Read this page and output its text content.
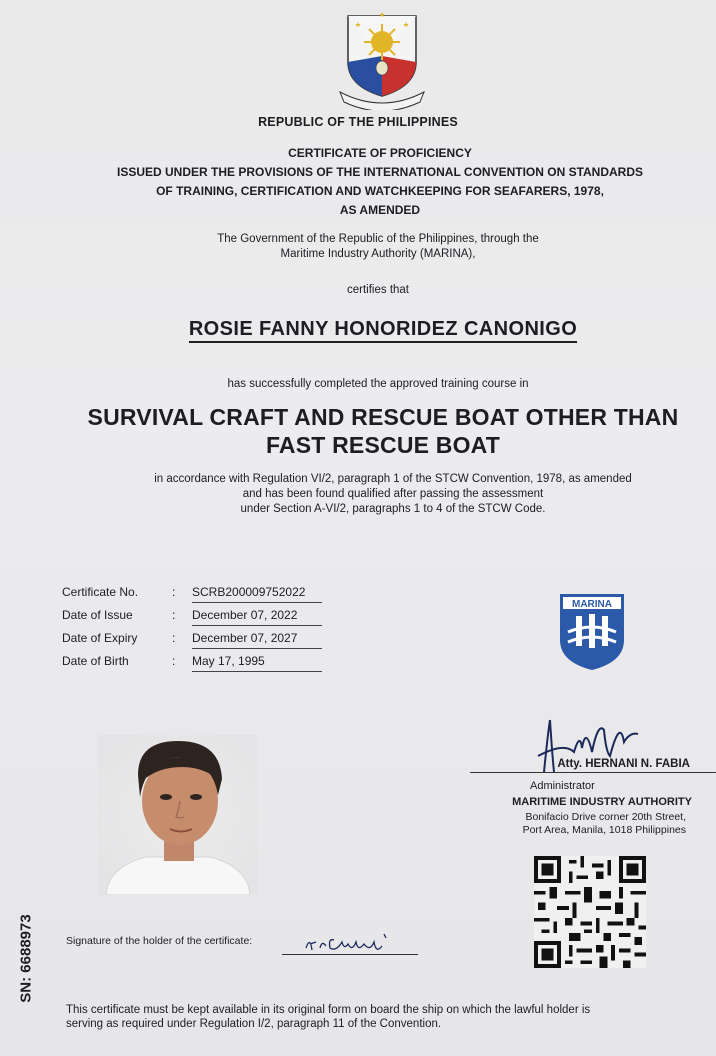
REPUBLIC OF THE PHILIPPINES
CERTIFICATE OF PROFICIENCY
ISSUED UNDER THE PROVISIONS OF THE INTERNATIONAL CONVENTION ON STANDARDS
OF TRAINING, CERTIFICATION AND WATCHKEEPING FOR SEAFARERS, 1978,
AS AMENDED
The Government of the Republic of the Philippines, through the
Maritime Industry Authority (MARINA),
certifies that
ROSIE FANNY HONORIDEZ CANONIGO
has successfully completed the approved training course in
SURVIVAL CRAFT AND RESCUE BOAT OTHER THAN
FAST RESCUE BOAT
in accordance with Regulation VI/2, paragraph 1 of the STCW Convention, 1978, as amended
and has been found qualified after passing the assessment
under Section A-VI/2, paragraphs 1 to 4 of the STCW Code.
Certificate No.	: SCRB200009752022
Date of Issue	: December 07, 2022
Date of Expiry	: December 07, 2027
Date of Birth	: May 17, 1995
MARINA
Atty. HERNANI N. FABIA
Administrator
MARITIME INDUSTRY AUTHORITY
Bonifacio Drive corner 20th Street,
Port Area, Manila, 1018 Philippines
SN: 6688973	Signature of the holder of the certificate:
This certificate must be kept available in its original form on board the ship on which the lawful holder is
serving as required under Regulation I/2, paragraph 11 of the Convention.
